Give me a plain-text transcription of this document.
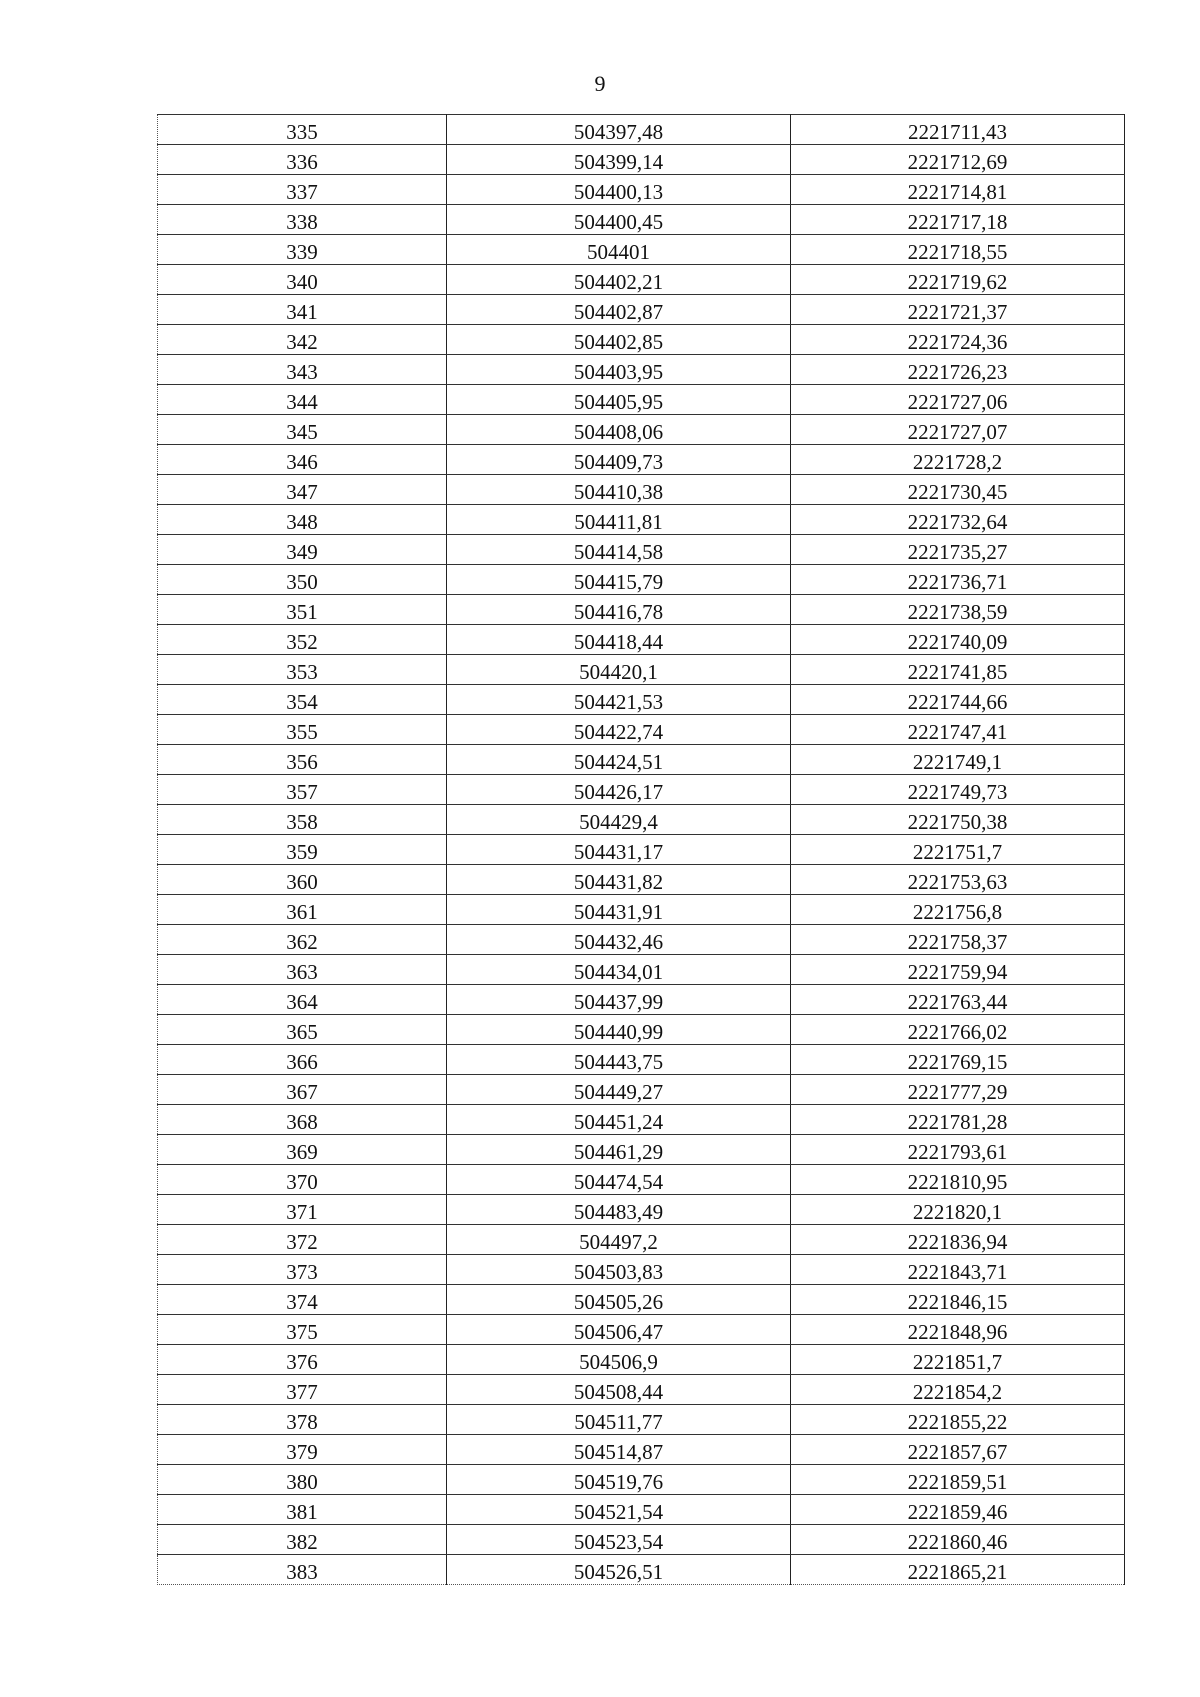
9
335	504397,48	2221711,43
336	504399,14	2221712,69
337	504400,13	2221714,81
338	504400,45	2221717,18
339	504401	2221718,55
340	504402,21	2221719,62
341	504402,87	2221721,37
342	504402,85	2221724,36
343	504403,95	2221726,23
344	504405,95	2221727,06
345	504408,06	2221727,07
346	504409,73	2221728,2
347	504410,38	2221730,45
348	504411,81	2221732,64
349	504414,58	2221735,27
350	504415,79	2221736,71
351	504416,78	2221738,59
352	504418,44	2221740,09
353	504420,1	2221741,85
354	504421,53	2221744,66
355	504422,74	2221747,41
356	504424,51	2221749,1
357	504426,17	2221749,73
358	504429,4	2221750,38
359	504431,17	2221751,7
360	504431,82	2221753,63
361	504431,91	2221756,8
362	504432,46	2221758,37
363	504434,01	2221759,94
364	504437,99	2221763,44
365	504440,99	2221766,02
366	504443,75	2221769,15
367	504449,27	2221777,29
368	504451,24	2221781,28
369	504461,29	2221793,61
370	504474,54	2221810,95
371	504483,49	2221820,1
372	504497,2	2221836,94
373	504503,83	2221843,71
374	504505,26	2221846,15
375	504506,47	2221848,96
376	504506,9	2221851,7
377	504508,44	2221854,2
378	504511,77	2221855,22
379	504514,87	2221857,67
380	504519,76	2221859,51
381	504521,54	2221859,46
382	504523,54	2221860,46
383	504526,51	2221865,21
